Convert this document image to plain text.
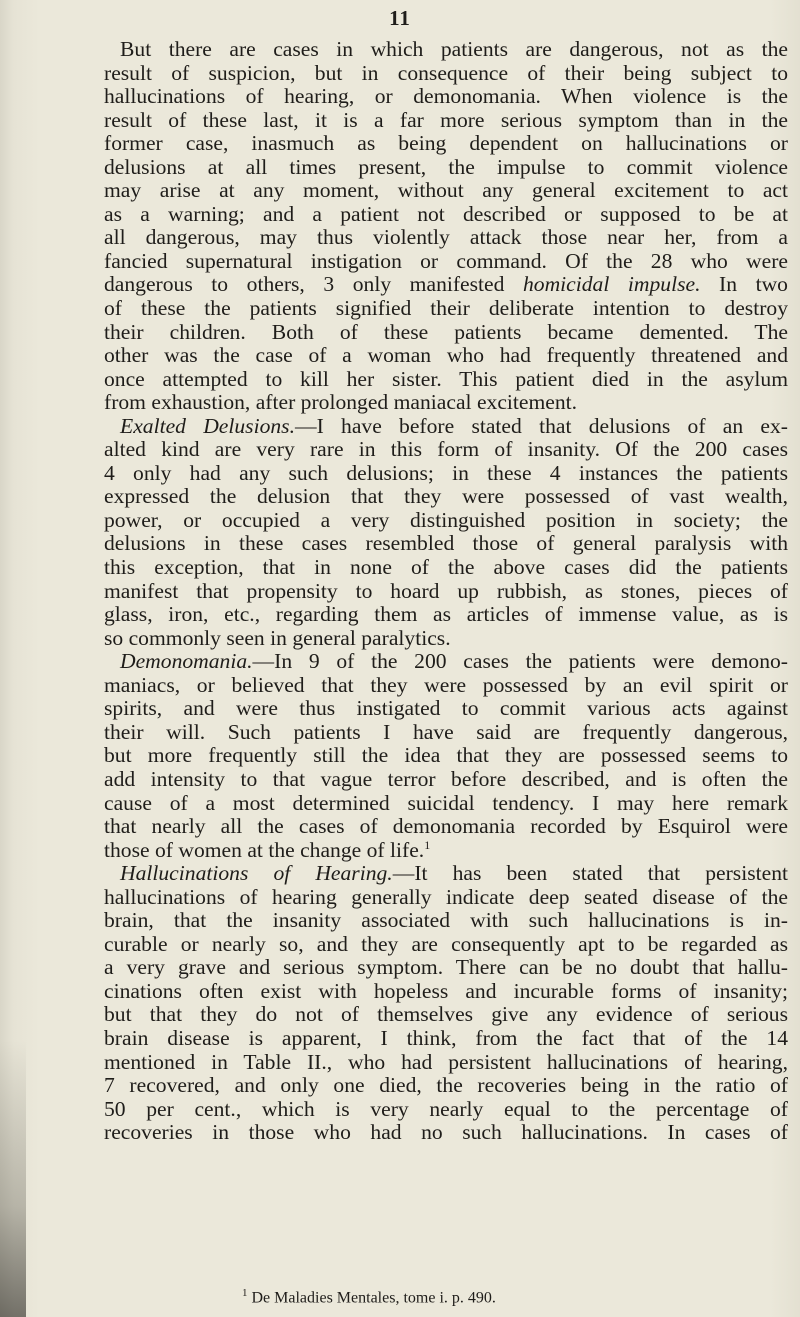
11
But there are cases in which patients are dangerous, not as the
result of suspicion, but in consequence of their being subject to
hallucinations of hearing, or demonomania. When violence is the
result of these last, it is a far more serious symptom than in the
former case, inasmuch as being dependent on hallucinations or
delusions at all times present, the impulse to commit violence
may arise at any moment, without any general excitement to act
as a warning; and a patient not described or supposed to be at
all dangerous, may thus violently attack those near her, from a
fancied supernatural instigation or command. Of the 28 who were
dangerous to others, 3 only manifested homicidal impulse. In two
of these the patients signified their deliberate intention to destroy
their children. Both of these patients became demented. The
other was the case of a woman who had frequently threatened and
once attempted to kill her sister. This patient died in the asylum
from exhaustion, after prolonged maniacal excitement.
Exalted Delusions.—I have before stated that delusions of an ex-
alted kind are very rare in this form of insanity. Of the 200 cases
4 only had any such delusions; in these 4 instances the patients
expressed the delusion that they were possessed of vast wealth,
power, or occupied a very distinguished position in society; the
delusions in these cases resembled those of general paralysis with
this exception, that in none of the above cases did the patients
manifest that propensity to hoard up rubbish, as stones, pieces of
glass, iron, etc., regarding them as articles of immense value, as is
so commonly seen in general paralytics.
Demonomania.—In 9 of the 200 cases the patients were demono-
maniacs, or believed that they were possessed by an evil spirit or
spirits, and were thus instigated to commit various acts against
their will. Such patients I have said are frequently dangerous,
but more frequently still the idea that they are possessed seems to
add intensity to that vague terror before described, and is often the
cause of a most determined suicidal tendency. I may here remark
that nearly all the cases of demonomania recorded by Esquirol were
those of women at the change of life.$^1$
Hallucinations of Hearing.—It has been stated that persistent
hallucinations of hearing generally indicate deep seated disease of the
brain, that the insanity associated with such hallucinations is in-
curable or nearly so, and they are consequently apt to be regarded as
a very grave and serious symptom. There can be no doubt that hallu-
cinations often exist with hopeless and incurable forms of insanity;
but that they do not of themselves give any evidence of serious
brain disease is apparent, I think, from the fact that of the 14
mentioned in Table II., who had persistent hallucinations of hearing,
7 recovered, and only one died, the recoveries being in the ratio of
50 per cent., which is very nearly equal to the percentage of
recoveries in those who had no such hallucinations. In cases of
$^1$ De Maladies Mentales, tome i. p. 490.
